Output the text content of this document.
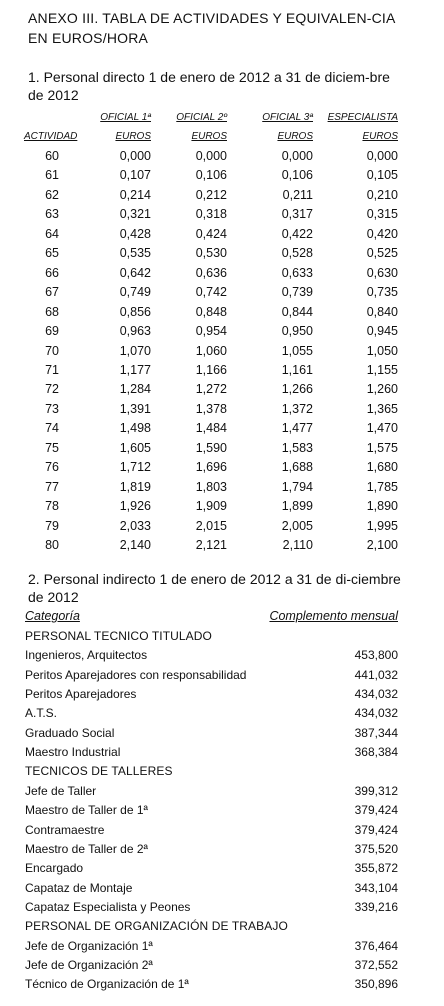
ANEXO III. TABLA DE ACTIVIDADES Y EQUIVALEN-CIA EN EUROS/HORA
1. Personal directo 1 de enero de 2012 a 31 de diciem-bre de 2012
OFICIAL 1ª	OFICIAL 2º	OFICIAL 3ª	ESPECIALISTA
ACTIVIDAD	EUROS	EUROS	EUROS	EUROS
60	0,000	0,000	0,000	0,000
61	0,107	0,106	0,106	0,105
62	0,214	0,212	0,211	0,210
63	0,321	0,318	0,317	0,315
64	0,428	0,424	0,422	0,420
65	0,535	0,530	0,528	0,525
66	0,642	0,636	0,633	0,630
67	0,749	0,742	0,739	0,735
68	0,856	0,848	0,844	0,840
69	0,963	0,954	0,950	0,945
70	1,070	1,060	1,055	1,050
71	1,177	1,166	1,161	1,155
72	1,284	1,272	1,266	1,260
73	1,391	1,378	1,372	1,365
74	1,498	1,484	1,477	1,470
75	1,605	1,590	1,583	1,575
76	1,712	1,696	1,688	1,680
77	1,819	1,803	1,794	1,785
78	1,926	1,909	1,899	1,890
79	2,033	2,015	2,005	1,995
80	2,140	2,121	2,110	2,100
2. Personal indirecto 1 de enero de 2012 a 31 de di-ciembre de 2012
Categoría	Complemento mensual
PERSONAL TECNICO TITULADO
Ingenieros, Arquitectos	453,800
Peritos Aparejadores con responsabilidad	441,032
Peritos Aparejadores	434,032
A.T.S.	434,032
Graduado Social	387,344
Maestro Industrial	368,384
TECNICOS DE TALLERES
Jefe de Taller	399,312
Maestro de Taller de 1ª	379,424
Contramaestre	379,424
Maestro de Taller de 2ª	375,520
Encargado	355,872
Capataz de Montaje	343,104
Capataz Especialista y Peones	339,216
PERSONAL DE ORGANIZACIÓN DE TRABAJO
Jefe de Organización 1ª	376,464
Jefe de Organización 2ª	372,552
Técnico de Organización de 1ª	350,896
